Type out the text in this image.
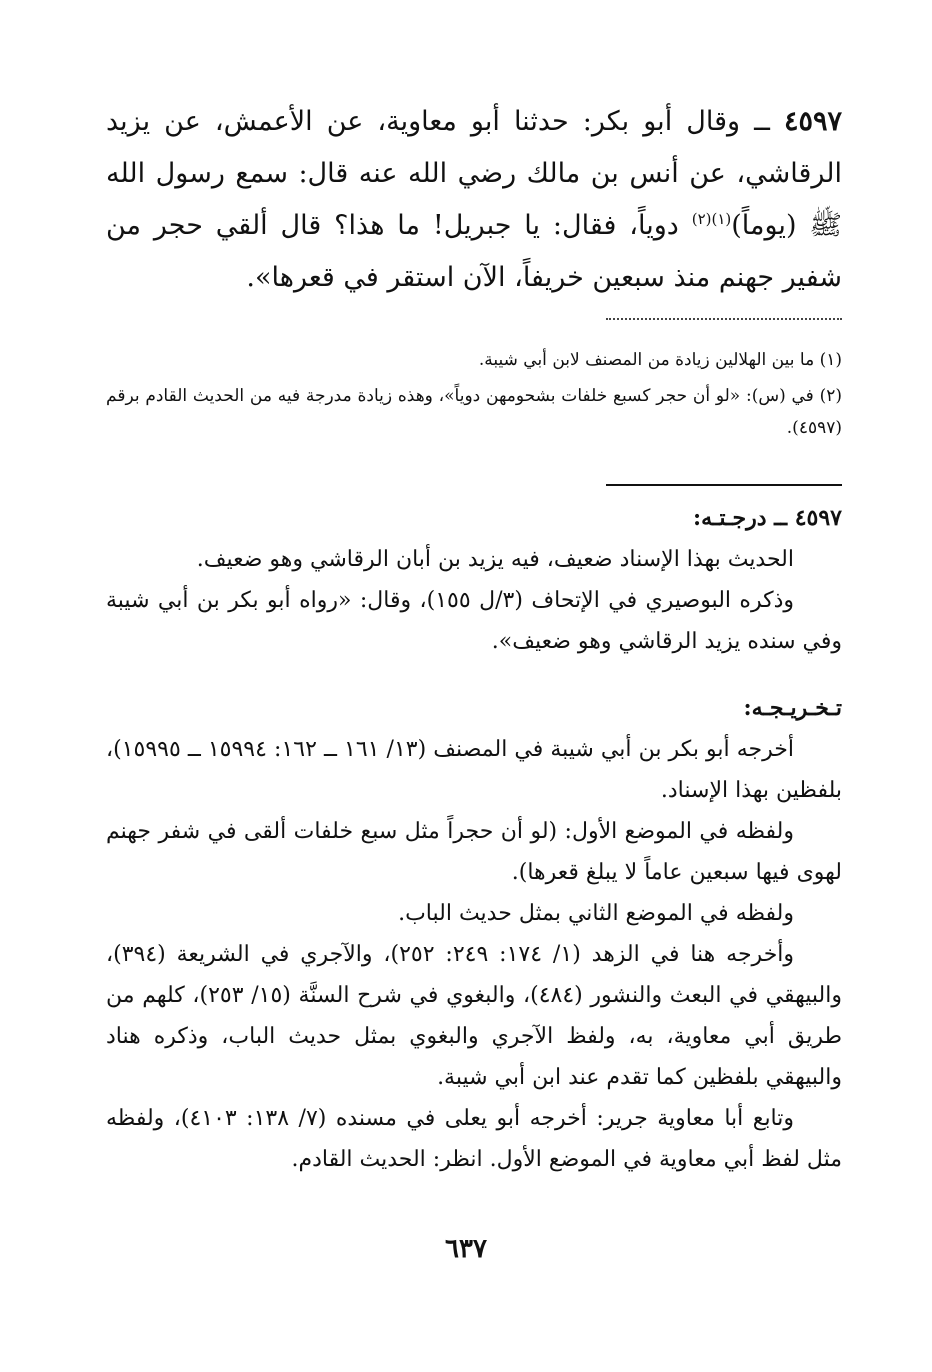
٤٥٩٧ ــ وقال أبو بكر: حدثنا أبو معاوية، عن الأعمش، عن يزيد الرقاشي، عن أنس بن مالك رضي الله عنه قال: سمع رسول الله ﷺ (يوماً)$^{(١)(٢)}$ دوياً، فقال: يا جبريل! ما هذا؟ قال ألقي حجر من شفير جهنم منذ سبعين خريفاً، الآن استقر في قعرها».
(١) ما بين الهلالين زيادة من المصنف لابن أبي شيبة.
(٢) في (س): «لو أن حجر كسبع خلفات بشحومهن دوياً»، وهذه زيادة مدرجة فيه من الحديث القادم برقم (٤٥٩٧).

٤٥٩٧ ــ درجـتـه:

الحديث بهذا الإسناد ضعيف، فيه يزيد بن أبان الرقاشي وهو ضعيف.

وذكره البوصيري في الإتحاف (٣/ل ١٥٥)، وقال: «رواه أبو بكر بن أبي شيبة وفي سنده يزيد الرقاشي وهو ضعيف».

تـخـريـجـه:

أخرجه أبو بكر بن أبي شيبة في المصنف (١٣/ ١٦١ ــ ١٦٢: ١٥٩٩٤ ــ ١٥٩٩٥)، بلفظين بهذا الإسناد.

ولفظه في الموضع الأول: (لو أن حجراً مثل سبع خلفات ألقى في شفر جهنم لهوى فيها سبعين عاماً لا يبلغ قعرها).

ولفظه في الموضع الثاني بمثل حديث الباب.

وأخرجه هنا في الزهد (١/ ١٧٤: ٢٤٩: ٢٥٢)، والآجري في الشريعة (٣٩٤)، والبيهقي في البعث والنشور (٤٨٤)، والبغوي في شرح السنَّة (١٥/ ٢٥٣)، كلهم من طريق أبي معاوية، به، ولفظ الآجري والبغوي بمثل حديث الباب، وذكره هناد والبيهقي بلفظين كما تقدم عند ابن أبي شيبة.

وتابع أبا معاوية جرير: أخرجه أبو يعلى في مسنده (٧/ ١٣٨: ٤١٠٣)، ولفظه مثل لفظ أبي معاوية في الموضع الأول. انظر: الحديث القادم.

٦٣٧
